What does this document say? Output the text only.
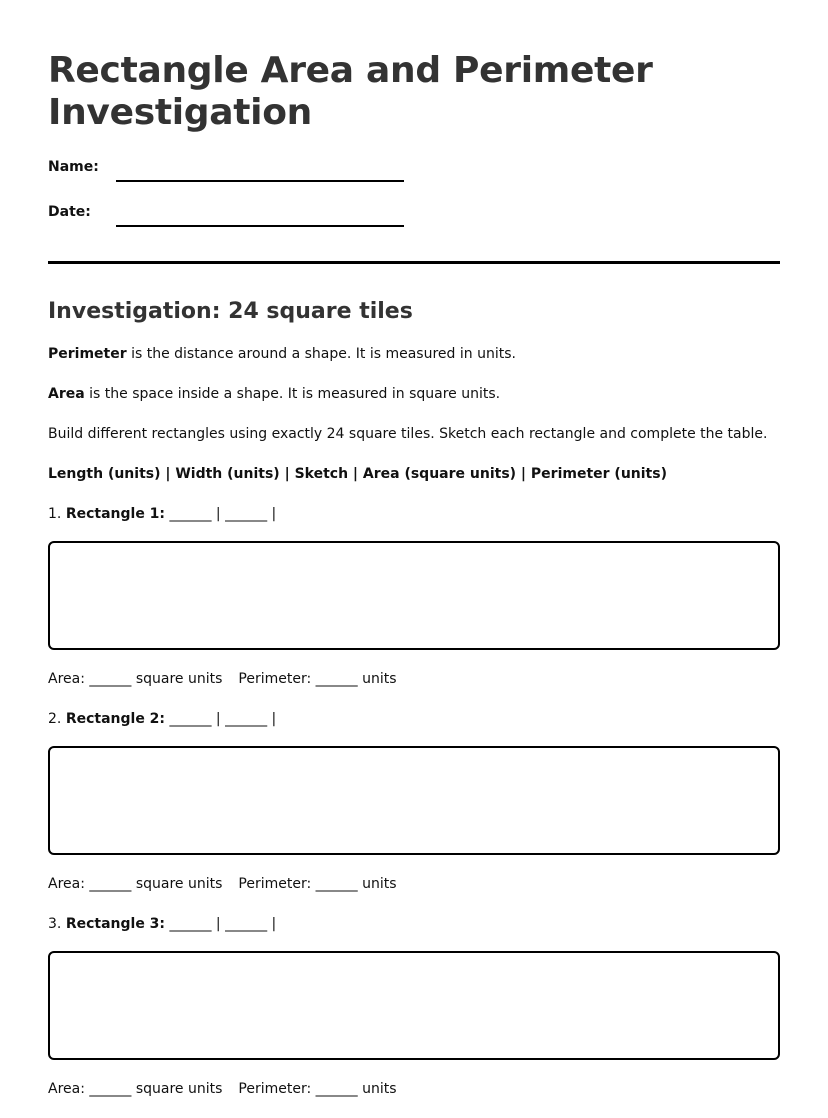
Rectangle Area and Perimeter Investigation
Name:
Date:
Investigation: 24 square tiles

Perimeter is the distance around a shape. It is measured in units.

Area is the space inside a shape. It is measured in square units.

Build different rectangles using exactly 24 square tiles. Sketch each rectangle and complete the table.

Length (units) | Width (units) | Sketch | Area (square units) | Perimeter (units)

1. Rectangle 1: ______ | ______ |

Area: ______ square units Perimeter: ______ units

2. Rectangle 2: ______ | ______ |

Area: ______ square units Perimeter: ______ units

3. Rectangle 3: ______ | ______ |

Area: ______ square units Perimeter: ______ units
